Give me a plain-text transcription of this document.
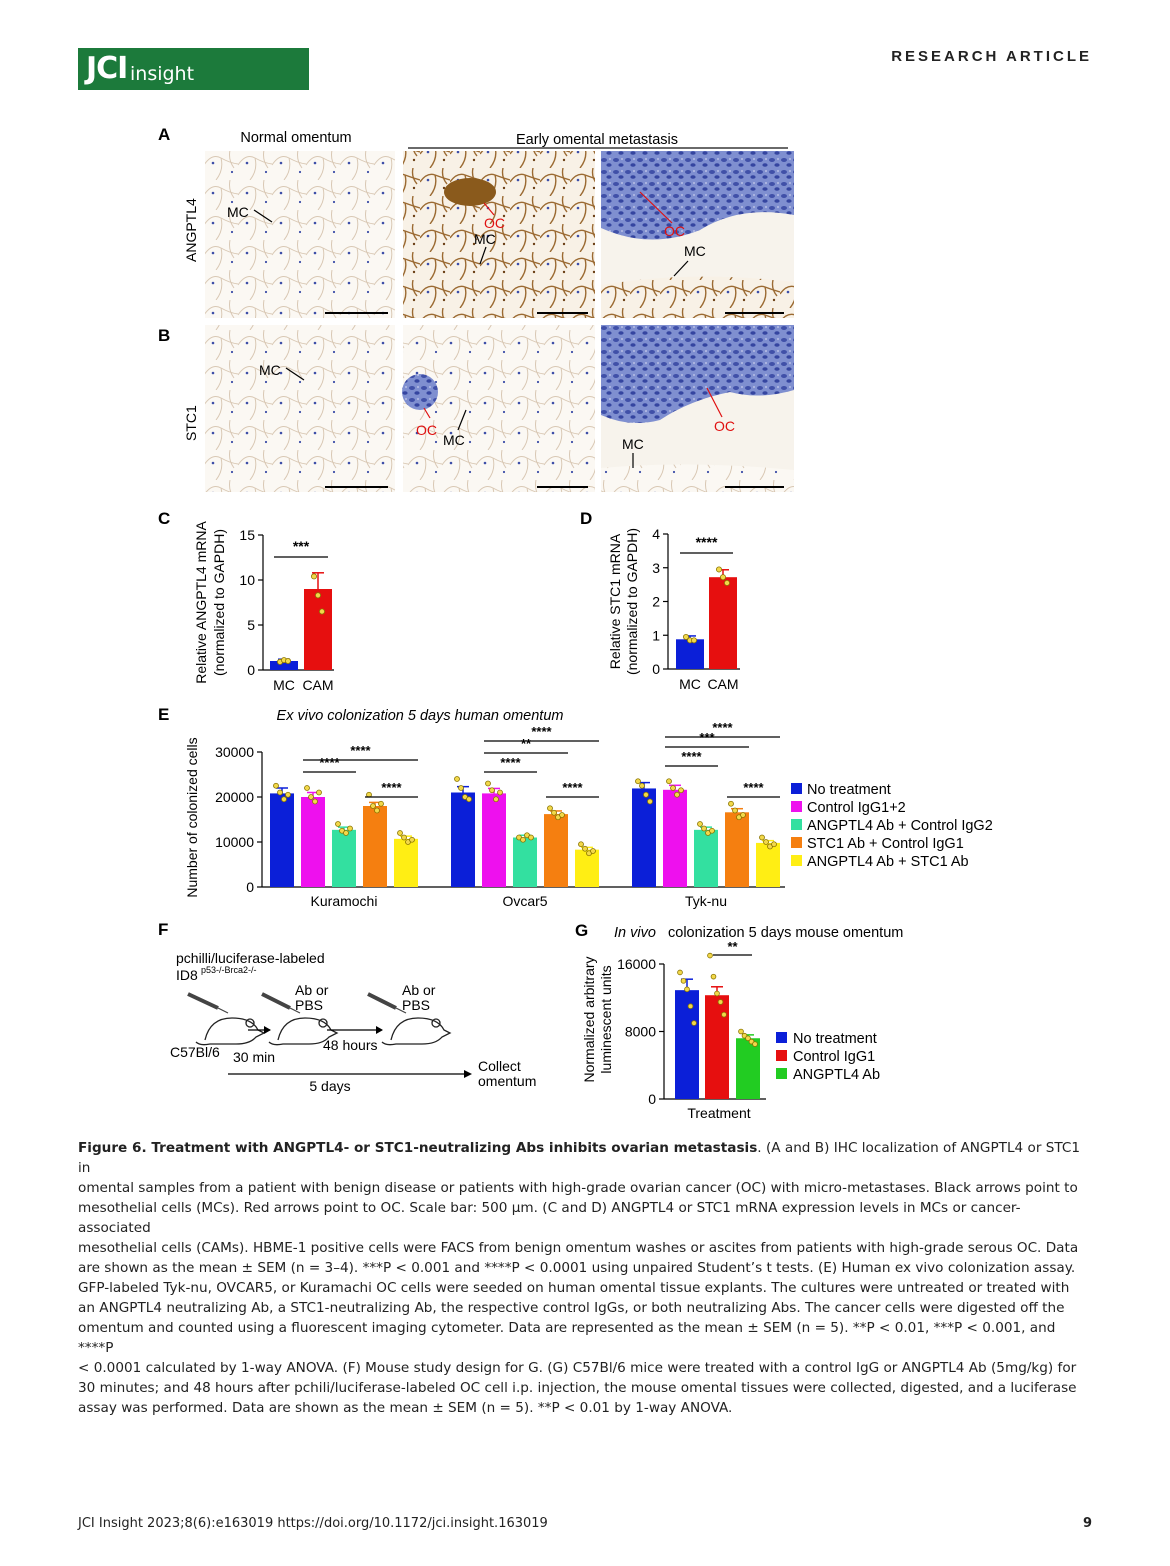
JCI insight
RESEARCH ARTICLE
A	Normal omentum	Early omental metastasis
ANGPTL4 MC
OC
MC	OC
MC
B
STC1
MC
OC
MC
OC
MC
C
0
5
10
15
Relative ANGPTL4 mRNA (normalized to GAPDH)
MC CAM
***
D
0
1
2
3
4
Relative STC1 mRNA (normalized to GAPDH)
MC CAM
****
E	Ex vivo colonization 5 days human omentum
0
10000
20000
30000
Number of colonized cells
Kuramochi	Ovcar5	Tyk-nu
****
****
****
****
**
****
****
****
***
****
****	No treatment
Control IgG1+2
ANGPTL4 Ab + Control IgG2
STC1 Ab + Control IgG1
ANGPTL4 Ab + STC1 Ab
F
pchilli/luciferase-labeled
ID8 p53-/-Brca2-/-
Ab or
PBS
Ab or
PBS
C57Bl/6 30 min
48 hours
5 days
Collect
omentum
G In vivo colonization 5 days mouse omentum
0
8000
16000
Normalized arbitrary luminescent units
Treatment
No treatment
Control IgG1
ANGPTL4 Ab
**
Figure 6. Treatment with ANGPTL4- or STC1-neutralizing Abs inhibits ovarian metastasis. (A and B) IHC localization of ANGPTL4 or STC1 in
omental samples from a patient with benign disease or patients with high-grade ovarian cancer (OC) with micro-metastases. Black arrows point to
mesothelial cells (MCs). Red arrows point to OC. Scale bar: 500 µm. (C and D) ANGPTL4 or STC1 mRNA expression levels in MCs or cancer-associated
mesothelial cells (CAMs). HBME-1 positive cells were FACS from benign omentum washes or ascites from patients with high-grade serous OC. Data
are shown as the mean ± SEM (n = 3–4). ***P < 0.001 and ****P < 0.0001 using unpaired Student’s t tests. (E) Human ex vivo colonization assay.
GFP-labeled Tyk-nu, OVCAR5, or Kuramachi OC cells were seeded on human omental tissue explants. The cultures were untreated or treated with
an ANGPTL4 neutralizing Ab, a STC1-neutralizing Ab, the respective control IgGs, or both neutralizing Abs. The cancer cells were digested off the
omentum and counted using a fluorescent imaging cytometer. Data are represented as the mean ± SEM (n = 5). **P < 0.01, ***P < 0.001, and ****P
< 0.0001 calculated by 1-way ANOVA. (F) Mouse study design for G. (G) C57Bl/6 mice were treated with a control IgG or ANGPTL4 Ab (5mg/kg) for
30 minutes; and 48 hours after pchili/luciferase-labeled OC cell i.p. injection, the mouse omental tissues were collected, digested, and a luciferase
assay was performed. Data are shown as the mean ± SEM (n = 5). **P < 0.01 by 1-way ANOVA.
JCI Insight 2023;8(6):e163019 https://doi.org/10.1172/jci.insight.163019	9
